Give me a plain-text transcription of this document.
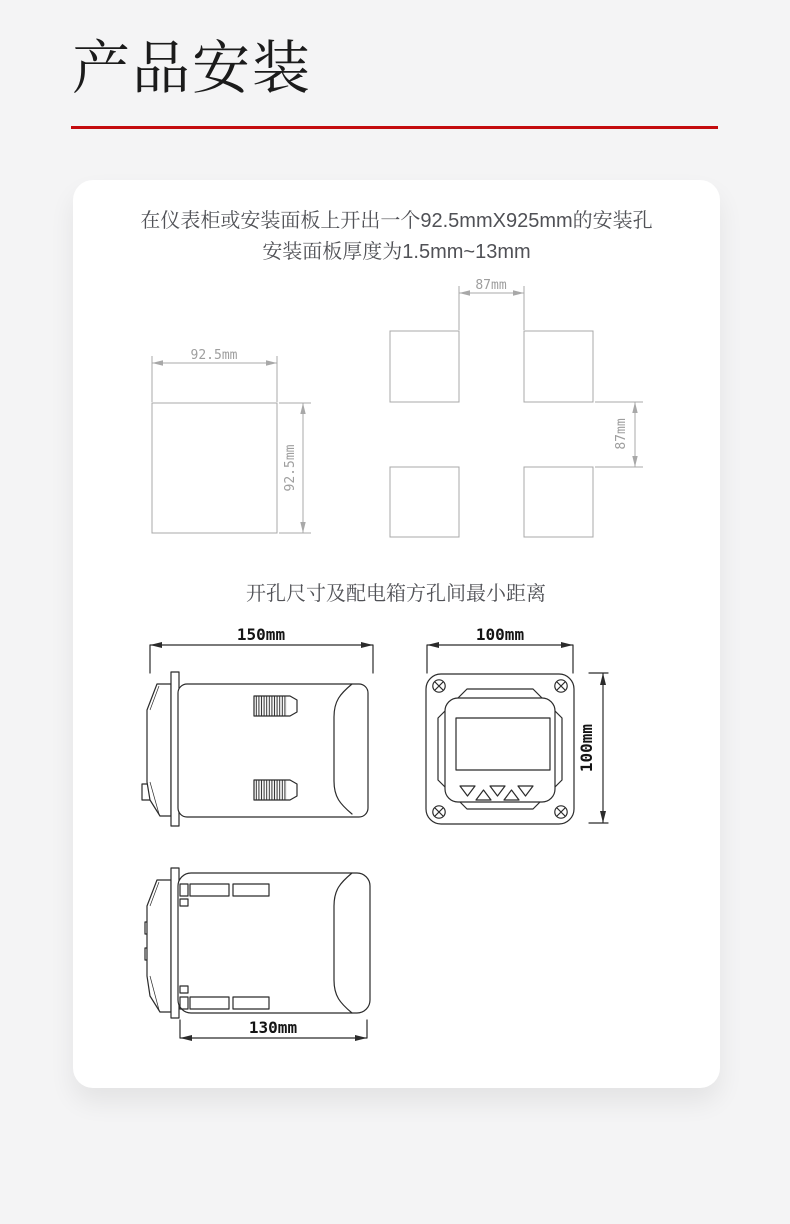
产品安装
在仪表柜或安装面板上开出一个92.5mmX925mm的安装孔
安装面板厚度为1.5mm~13mm
92.5mm
92.5mm
87mm
87mm
开孔尺寸及配电箱方孔间最小距离
150mm	100mm
100mm
130mm
